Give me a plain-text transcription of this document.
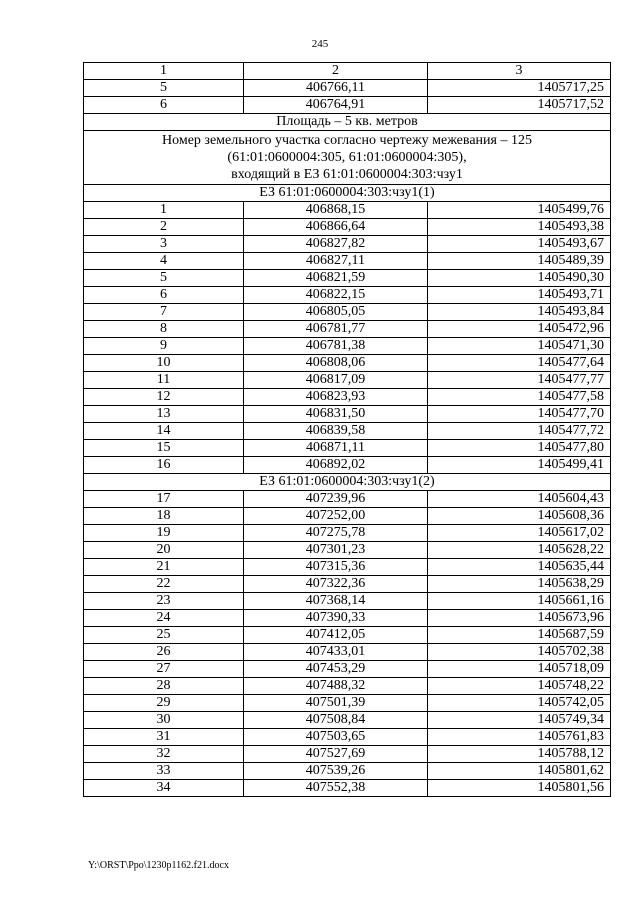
245
1	2	3
5	406766,11	1405717,25
6	406764,91	1405717,52
Площадь – 5 кв. метров		

Номер земельного участка согласно чертежу межевания – 125
(61:01:0600004:305, 61:01:0600004:305),
входящий в ЕЗ 61:01:0600004:303:чзу1		

ЕЗ 61:01:0600004:303:чзу1(1)		
1	406868,15	1405499,76
2	406866,64	1405493,38
3	406827,82	1405493,67
4	406827,11	1405489,39
5	406821,59	1405490,30
6	406822,15	1405493,71
7	406805,05	1405493,84
8	406781,77	1405472,96
9	406781,38	1405471,30
10	406808,06	1405477,64
11	406817,09	1405477,77
12	406823,93	1405477,58
13	406831,50	1405477,70
14	406839,58	1405477,72
15	406871,11	1405477,80
16	406892,02	1405499,41
ЕЗ 61:01:0600004:303:чзу1(2)		
17	407239,96	1405604,43
18	407252,00	1405608,36
19	407275,78	1405617,02
20	407301,23	1405628,22
21	407315,36	1405635,44
22	407322,36	1405638,29
23	407368,14	1405661,16
24	407390,33	1405673,96
25	407412,05	1405687,59
26	407433,01	1405702,38
27	407453,29	1405718,09
28	407488,32	1405748,22
29	407501,39	1405742,05
30	407508,84	1405749,34
31	407503,65	1405761,83
32	407527,69	1405788,12
33	407539,26	1405801,62
34	407552,38	1405801,56
Y:\ORST\Ppo\1230p1162.f21.docx
